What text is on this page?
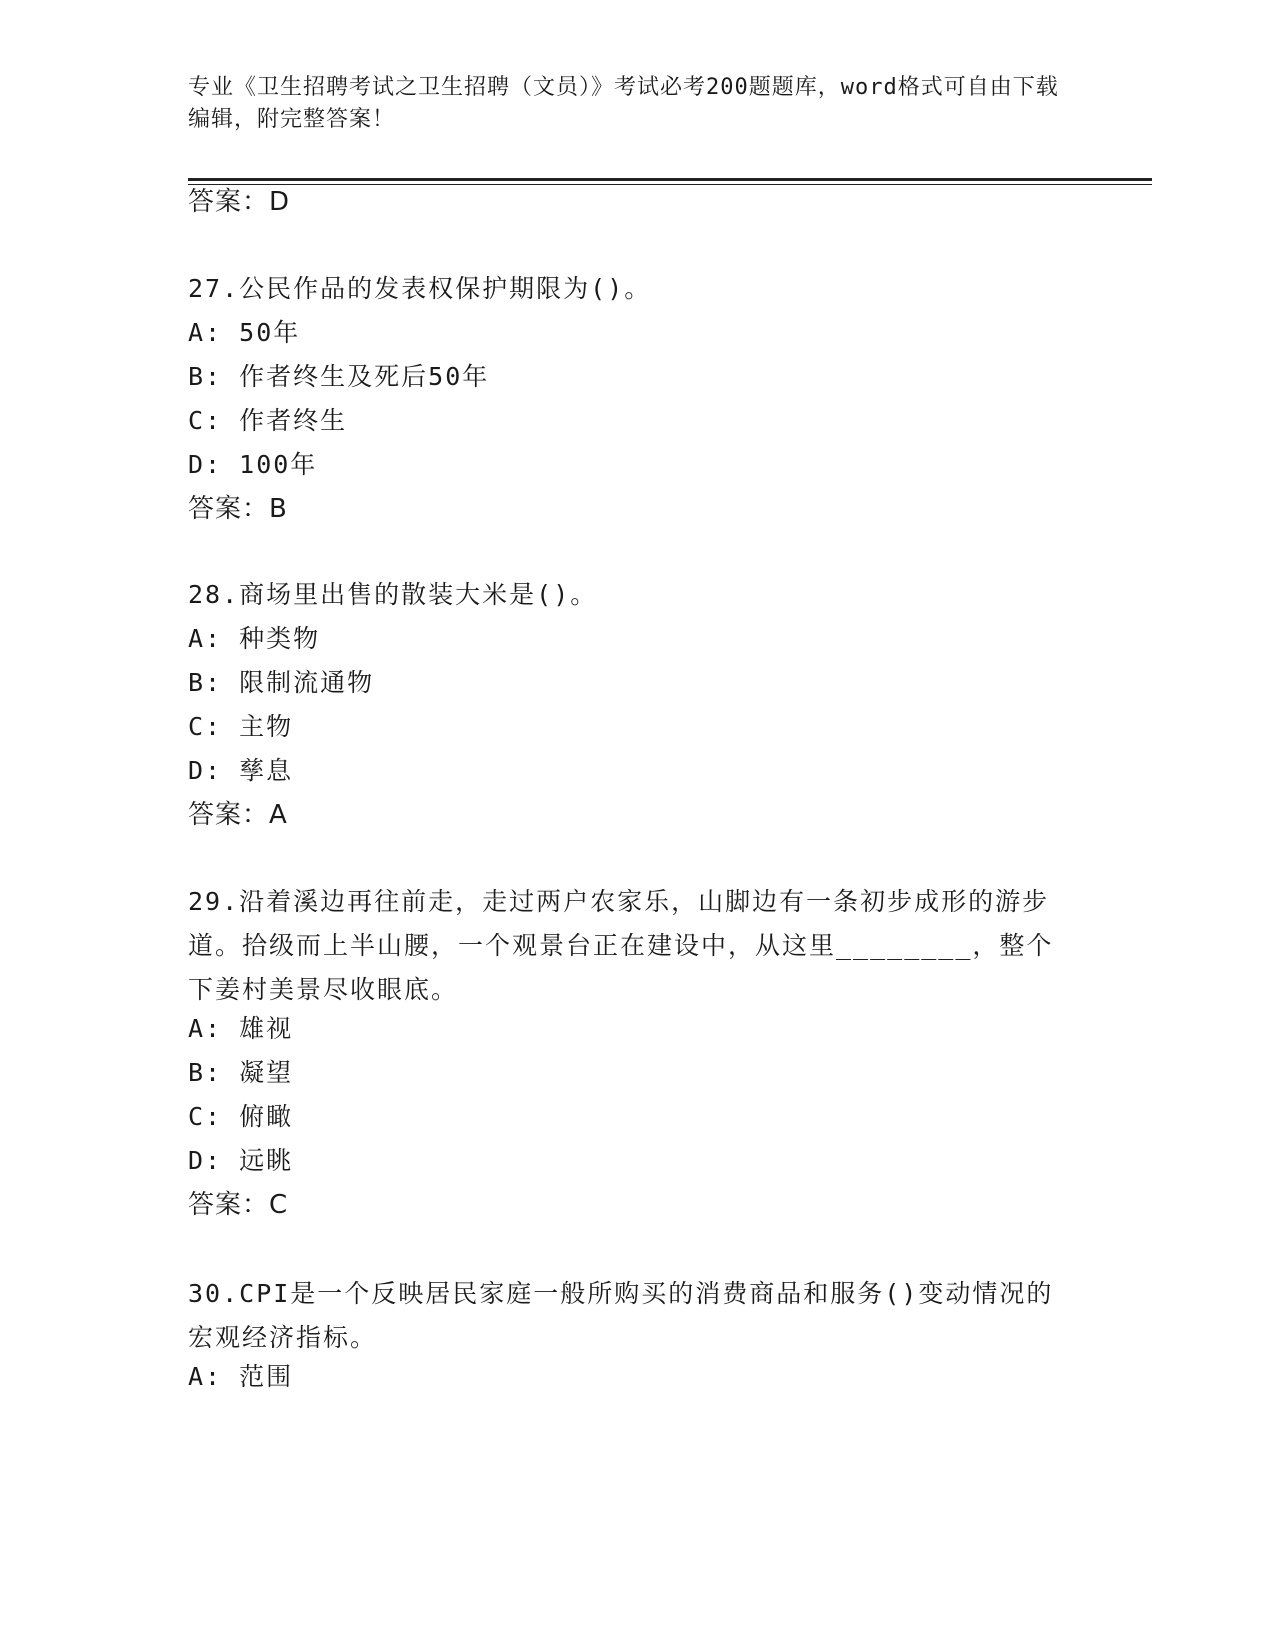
专业《卫生招聘考试之卫生招聘（文员）》考试必考200题题库，word格式可自由下载编辑，附完整答案！
答案：D
27.公民作品的发表权保护期限为()。
A: 50年
B: 作者终生及死后50年
C: 作者终生
D: 100年
答案：B
28.商场里出售的散装大米是()。
A: 种类物
B: 限制流通物
C: 主物
D: 孳息
答案：A
29.沿着溪边再往前走，走过两户农家乐，山脚边有一条初步成形的游步道。拾级而上半山腰，一个观景台正在建设中，从这里________，整个下姜村美景尽收眼底。
A: 雄视
B: 凝望
C: 俯瞰
D: 远眺
答案：C
30.CPI是一个反映居民家庭一般所购买的消费商品和服务()变动情况的宏观经济指标。
A: 范围
